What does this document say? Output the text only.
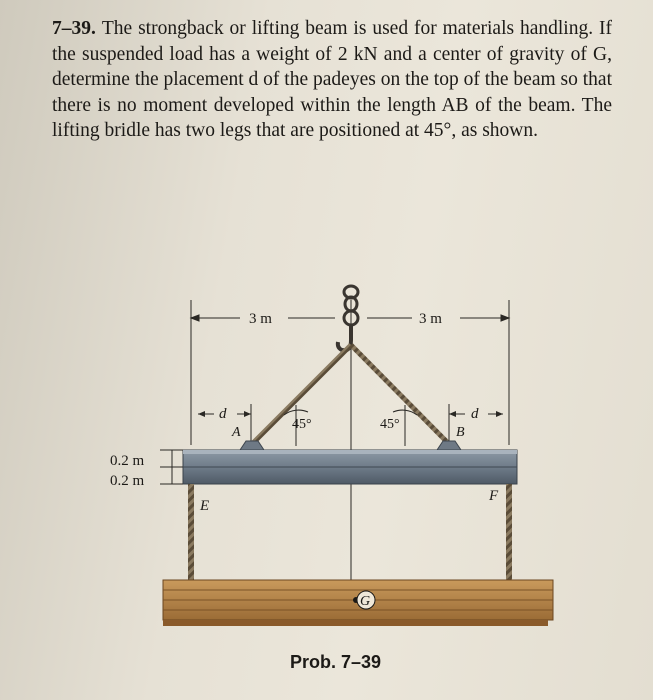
7–39. The strongback or lifting beam is used for materials handling. If the suspended load has a weight of 2 kN and a center of gravity of G, determine the placement d of the padeyes on the top of the beam so that there is no moment developed within the length AB of the beam. The lifting bridle has two legs that are positioned at 45°, as shown.

3 m	3 m
45°	45°
d	d
A	B
0.2 m
0.2 m
E
F
G
Prob. 7–39
